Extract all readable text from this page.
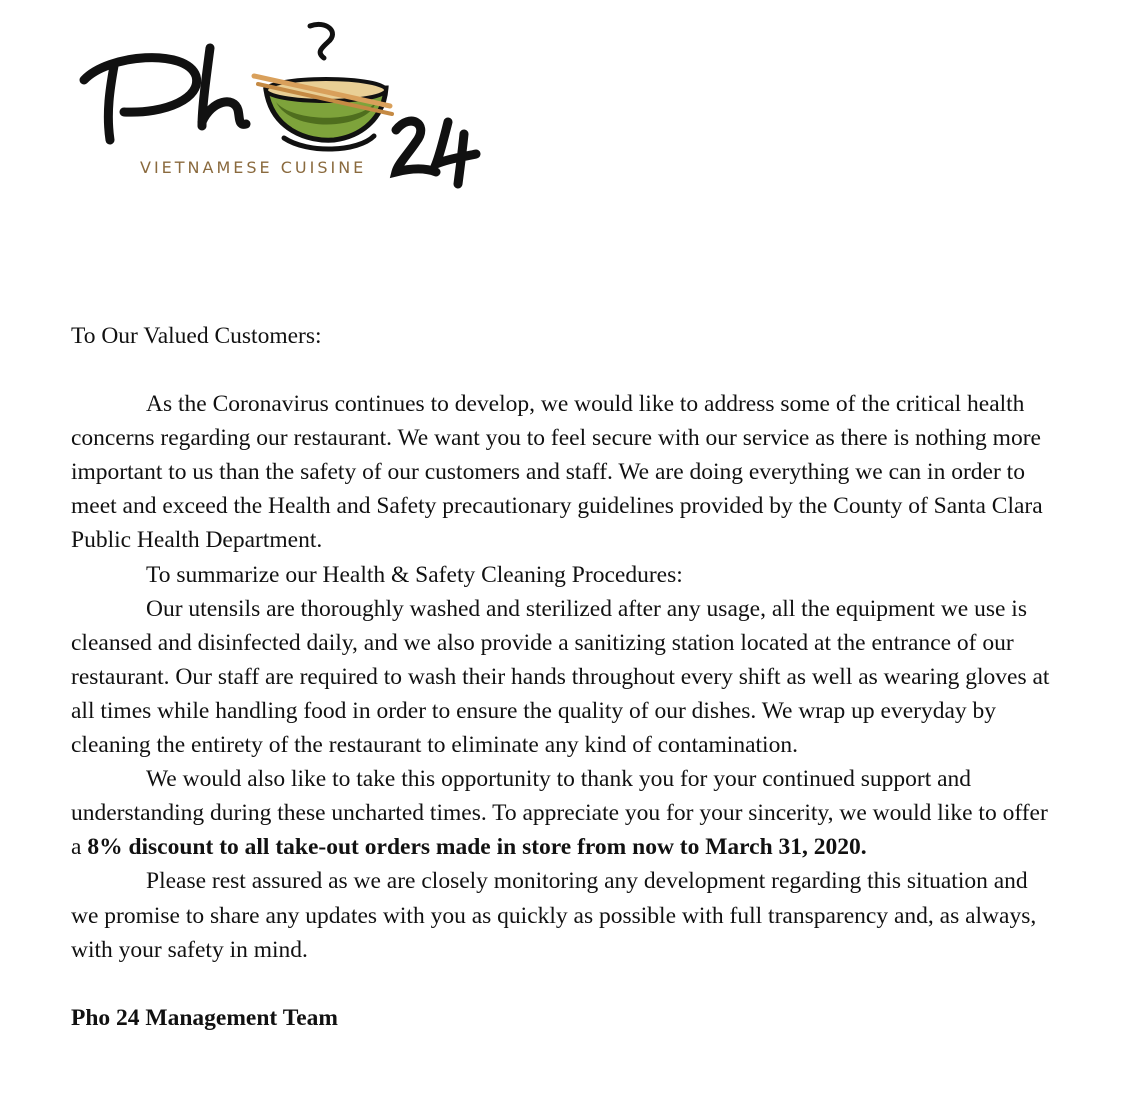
VIETNAMESE CUISINE

To Our Valued Customers:

As the Coronavirus continues to develop, we would like to address some of the critical health concerns regarding our restaurant. We want you to feel secure with our service as there is nothing more important to us than the safety of our customers and staff. We are doing everything we can in order to meet and exceed the Health and Safety precautionary guidelines provided by the County of Santa Clara Public Health Department.

To summarize our Health & Safety Cleaning Procedures:

Our utensils are thoroughly washed and sterilized after any usage, all the equipment we use is cleansed and disinfected daily, and we also provide a sanitizing station located at the entrance of our restaurant. Our staff are required to wash their hands throughout every shift as well as wearing gloves at all times while handling food in order to ensure the quality of our dishes. We wrap up everyday by cleaning the entirety of the restaurant to eliminate any kind of contamination.

We would also like to take this opportunity to thank you for your continued support and understanding during these uncharted times. To appreciate you for your sincerity, we would like to offer a 8% discount to all take-out orders made in store from now to March 31, 2020.

Please rest assured as we are closely monitoring any development regarding this situation and we promise to share any updates with you as quickly as possible with full transparency and, as always, with your safety in mind.

Pho 24 Management Team
